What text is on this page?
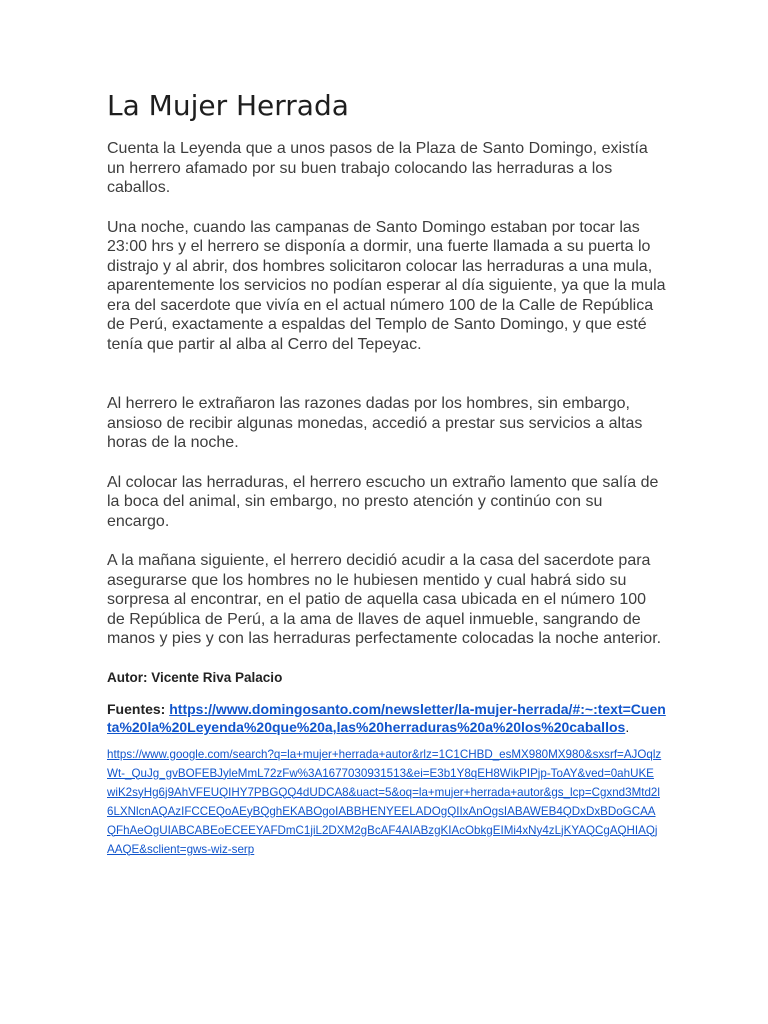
La Mujer Herrada

Cuenta la Leyenda que a unos pasos de la Plaza de Santo Domingo, existía un herrero afamado por su buen trabajo colocando las herraduras a los caballos.

Una noche, cuando las campanas de Santo Domingo estaban por tocar las 23:00 hrs y el herrero se disponía a dormir, una fuerte llamada a su puerta lo distrajo y al abrir, dos hombres solicitaron colocar las herraduras a una mula, aparentemente los servicios no podían esperar al día siguiente, ya que la mula era del sacerdote que vivía en el actual número 100 de la Calle de República de Perú, exactamente a espaldas del Templo de Santo Domingo, y que esté tenía que partir al alba al Cerro del Tepeyac.

Al herrero le extrañaron las razones dadas por los hombres, sin embargo, ansioso de recibir algunas monedas, accedió a prestar sus servicios a altas horas de la noche.

Al colocar las herraduras, el herrero escucho un extraño lamento que salía de la boca del animal, sin embargo, no presto atención y continúo con su encargo.

A la mañana siguiente, el herrero decidió acudir a la casa del sacerdote para asegurarse que los hombres no le hubiesen mentido y cual habrá sido su sorpresa al encontrar, en el patio de aquella casa ubicada en el número 100 de República de Perú, a la ama de llaves de aquel inmueble, sangrando de manos y pies y con las herraduras perfectamente colocadas la noche anterior.

Autor: Vicente Riva Palacio

Fuentes: https://www.domingosanto.com/newsletter/la-mujer-herrada/#:~:text=Cuenta%20la%20Leyenda%20que%20a,las%20herraduras%20a%20los%20caballos.

https://www.google.com/search?q=la+mujer+herrada+autor&rlz=1C1CHBD_esMX980MX980&sxsrf=AJOqlzWt-_QuJg_gvBOFEBJyleMmL72zFw%3A1677030931513&ei=E3b1Y8qEH8WikPIPjp-ToAY&ved=0ahUKEwiK2syHg6j9AhVFEUQIHY7PBGQQ4dUDCA8&uact=5&oq=la+mujer+herrada+autor&gs_lcp=Cgxnd3Mtd2l6LXNlcnAQAzIFCCEQoAEyBQghEKABOgoIABBHENYEELADOgQIIxAnOgsIABAWEB4QDxDxBDoGCAAQFhAeOgUIABCABEoECEEYAFDmC1jiL2DXM2gBcAF4AIABzgKIAcObkgEIMi4xNy4zLjKYAQCgAQHIAQjAAQE&sclient=gws-wiz-serp
